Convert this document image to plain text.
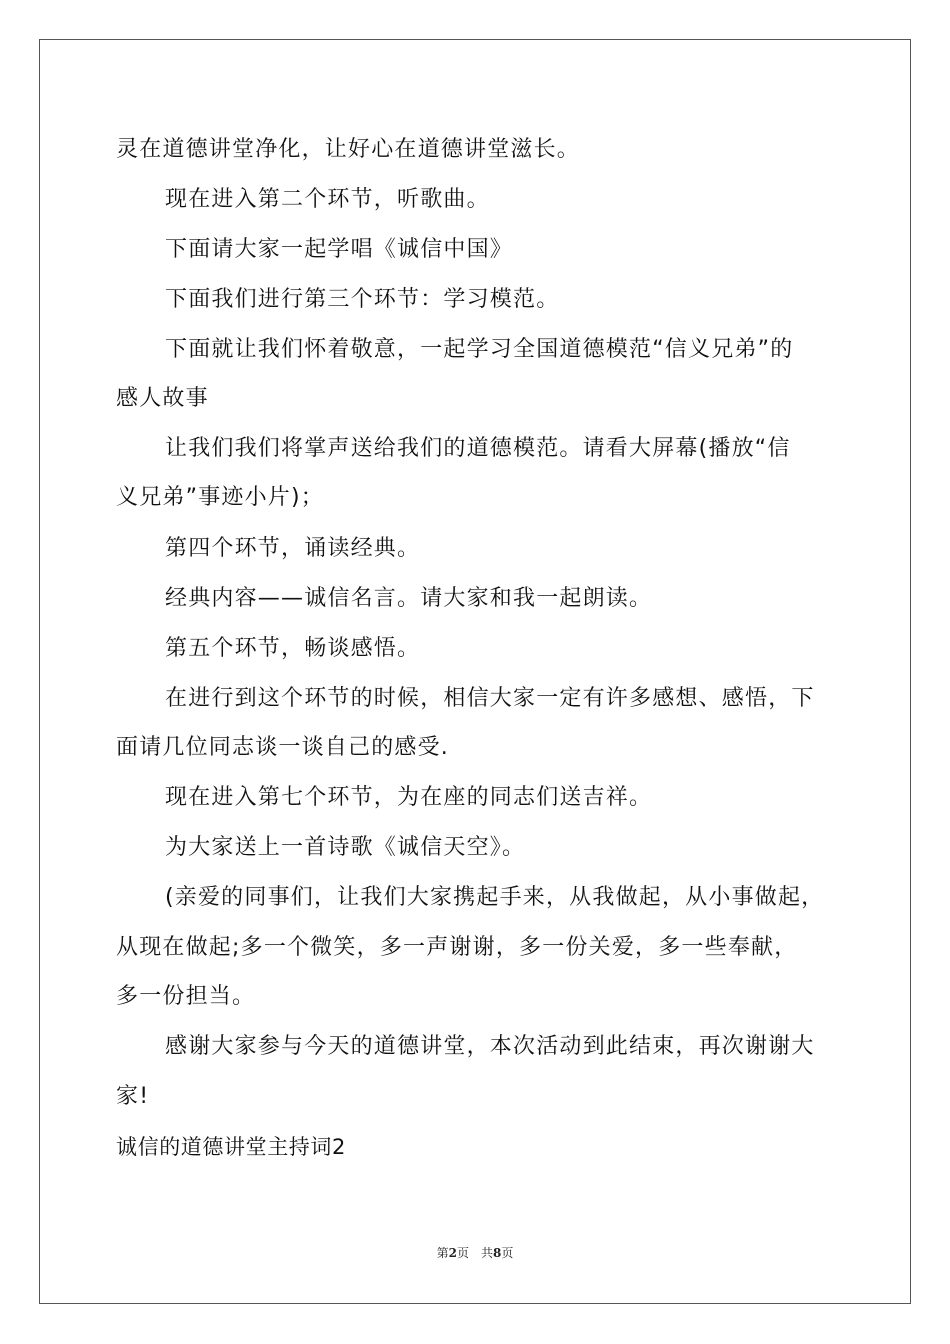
灵在道德讲堂净化，让好心在道德讲堂滋长。
现在进入第二个环节，听歌曲。
下面请大家一起学唱《诚信中国》
下面我们进行第三个环节：学习模范。
下面就让我们怀着敬意，一起学习全国道德模范“信义兄弟”的
感人故事
让我们我们将掌声送给我们的道德模范。请看大屏幕(播放“信
义兄弟”事迹小片)；
第四个环节，诵读经典。
经典内容——诚信名言。请大家和我一起朗读。
第五个环节，畅谈感悟。
在进行到这个环节的时候，相信大家一定有许多感想、感悟，下
面请几位同志谈一谈自己的感受.
现在进入第七个环节，为在座的同志们送吉祥。
为大家送上一首诗歌《诚信天空》。
(亲爱的同事们，让我们大家携起手来，从我做起，从小事做起，
从现在做起;多一个微笑，多一声谢谢，多一份关爱，多一些奉献，
多一份担当。
感谢大家参与今天的道德讲堂，本次活动到此结束，再次谢谢大
家!
诚信的道德讲堂主持词2
第2页　共8页
